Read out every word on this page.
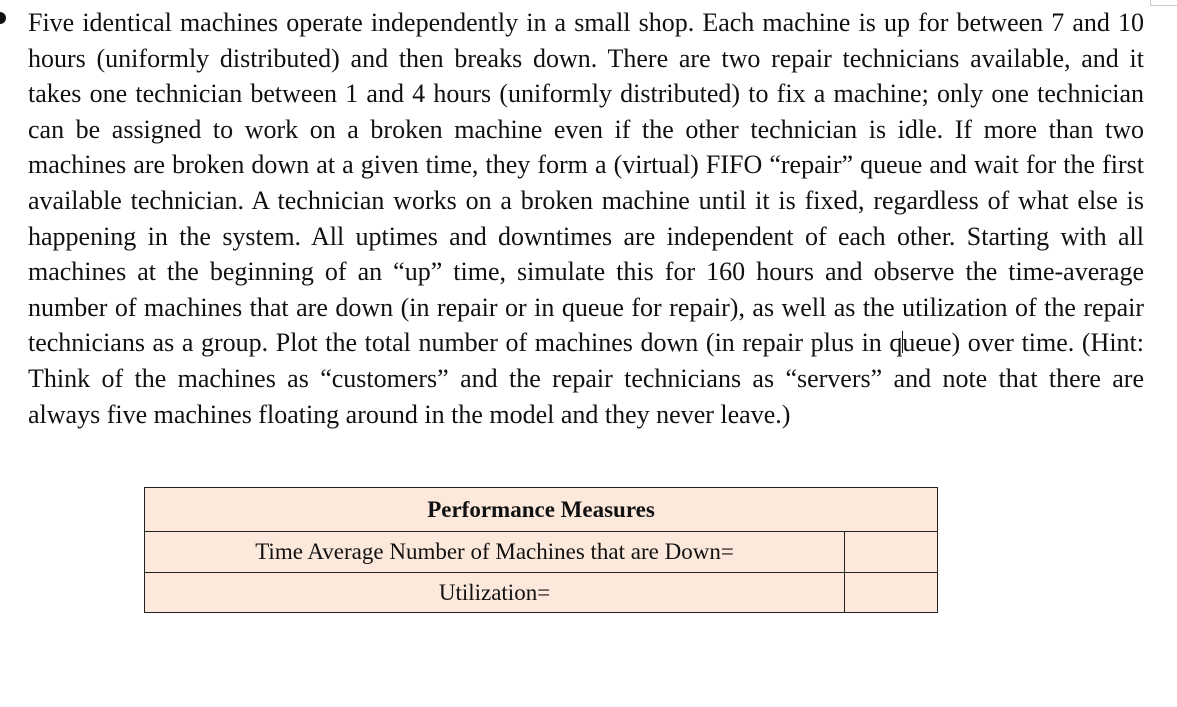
Five identical machines operate independently in a small shop. Each machine is up for between 7 and 10 hours (uniformly distributed) and then breaks down. There are two repair technicians available, and it takes one technician between 1 and 4 hours (uniformly distributed) to fix a machine; only one technician can be assigned to work on a broken machine even if the other technician is idle. If more than two machines are broken down at a given time, they form a (virtual) FIFO “repair” queue and wait for the first available technician. A technician works on a broken machine until it is fixed, regardless of what else is happening in the system. All uptimes and downtimes are independent of each other. Starting with all machines at the beginning of an “up” time, simulate this for 160 hours and observe the time-average number of machines that are down (in repair or in queue for repair), as well as the utilization of the repair technicians as a group. Plot the total number of machines down (in repair plus in queue) over time. (Hint: Think of the machines as “customers” and the repair technicians as “servers” and note that there are always five machines floating around in the model and they never leave.)

Performance Measures	
Time Average Number of Machines that are Down=	
Utilization=	
